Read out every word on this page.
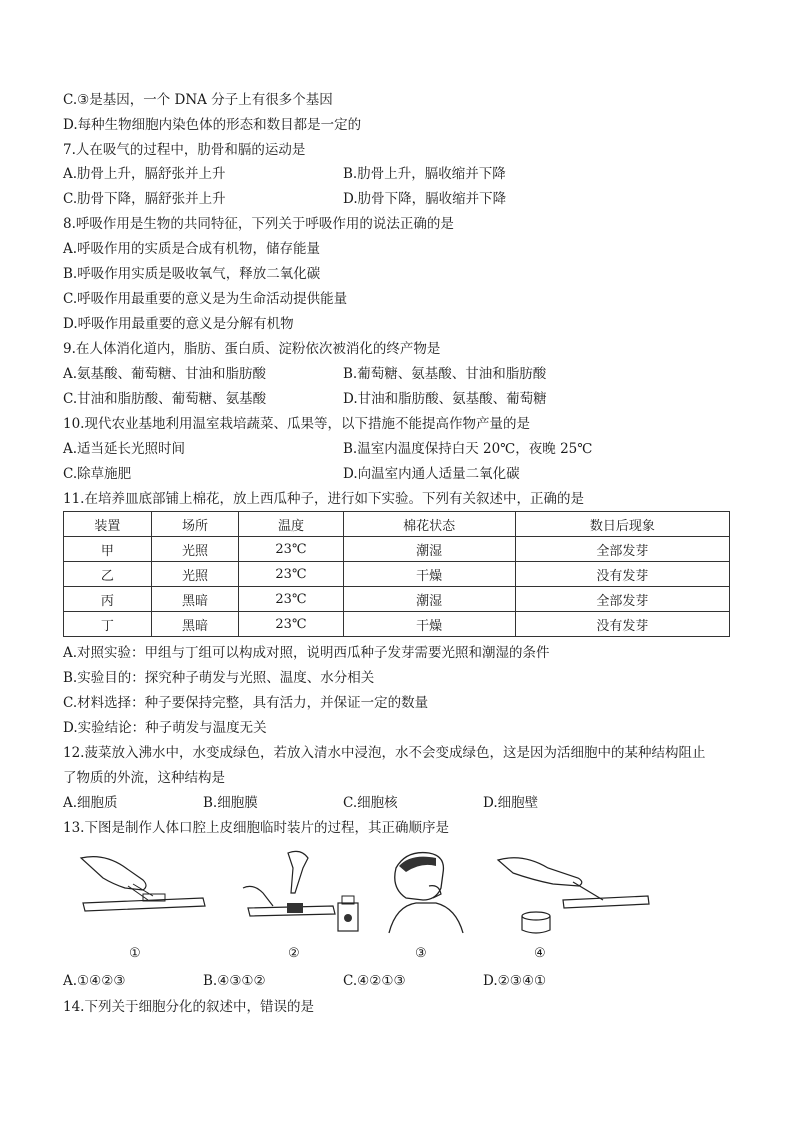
C.③是基因，一个 DNA 分子上有很多个基因
D.每种生物细胞内染色体的形态和数目都是一定的
7.人在吸气的过程中，肋骨和膈的运动是
A.肋骨上升，膈舒张并上升	B.肋骨上升，膈收缩并下降
C.肋骨下降，膈舒张并上升	D.肋骨下降，膈收缩并下降
8.呼吸作用是生物的共同特征，下列关于呼吸作用的说法正确的是
A.呼吸作用的实质是合成有机物，储存能量
B.呼吸作用实质是吸收氧气，释放二氧化碳
C.呼吸作用最重要的意义是为生命活动提供能量
D.呼吸作用最重要的意义是分解有机物
9.在人体消化道内，脂肪、蛋白质、淀粉依次被消化的终产物是
A.氨基酸、葡萄糖、甘油和脂肪酸	B.葡萄糖、氨基酸、甘油和脂肪酸
C.甘油和脂肪酸、葡萄糖、氨基酸	D.甘油和脂肪酸、氨基酸、葡萄糖
10.现代农业基地利用温室栽培蔬菜、瓜果等，以下措施不能提高作物产量的是
A.适当延长光照时间	B.温室内温度保持白天 20℃，夜晚 25℃
C.除草施肥	D.向温室内通人适量二氧化碳
11.在培养皿底部铺上棉花，放上西瓜种子，进行如下实验。下列有关叙述中，正确的是
装置	场所	温度	棉花状态	数日后现象
甲	光照	23℃	潮湿	全部发芽
乙	光照	23℃	干燥	没有发芽
丙	黑暗	23℃	潮湿	全部发芽
丁	黑暗	23℃	干燥	没有发芽
A.对照实验：甲组与丁组可以构成对照，说明西瓜种子发芽需要光照和潮湿的条件
B.实验目的：探究种子萌发与光照、温度、水分相关
C.材料选择：种子要保持完整，具有活力，并保证一定的数量
D.实验结论：种子萌发与温度无关
12.菠菜放入沸水中，水变成绿色，若放入清水中浸泡，水不会变成绿色，这是因为活细胞中的某种结构阻止
了物质的外流，这种结构是
A.细胞质	B.细胞膜	C.细胞核	D.细胞壁
13.下图是制作人体口腔上皮细胞临时装片的过程，其正确顺序是
①	②	③	④
A.①④②③	B.④③①②	C.④②①③	D.②③④①
14.下列关于细胞分化的叙述中，错误的是
